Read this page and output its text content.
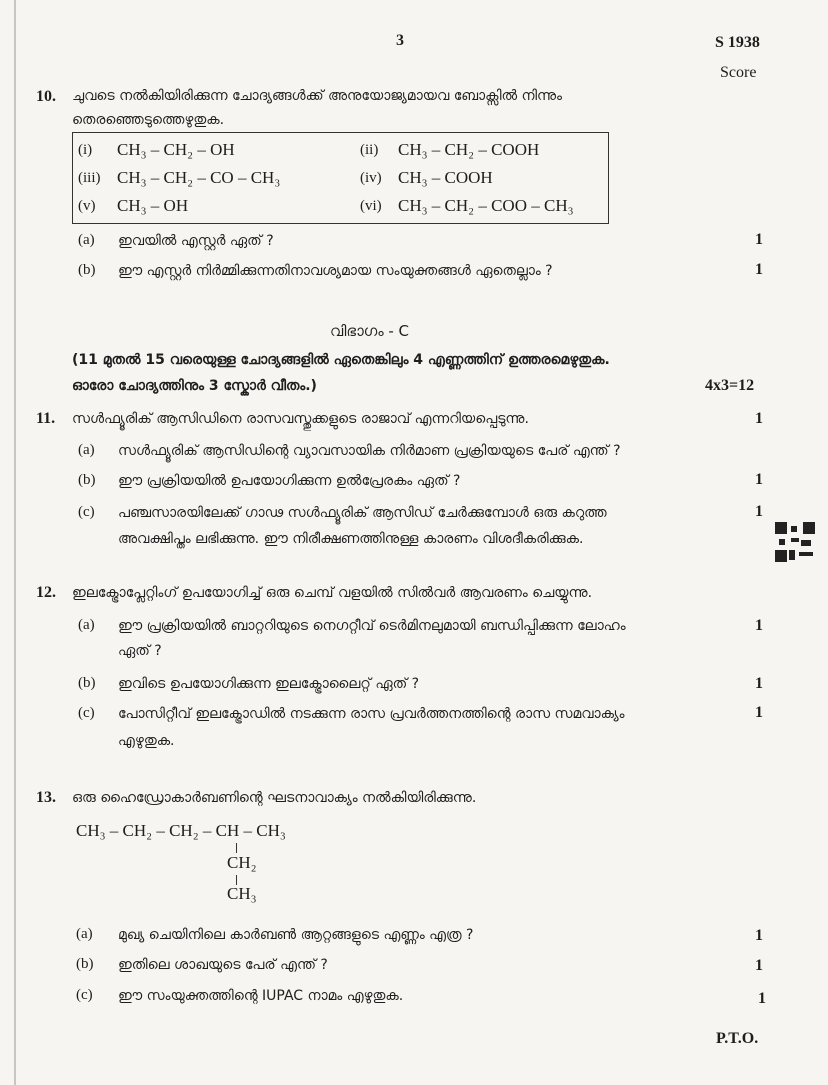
3	S 1938
Score
10. ചുവടെ നൽകിയിരിക്കുന്ന ചോദ്യങ്ങൾക്ക് അനുയോജ്യമായവ ബോക്സിൽ നിന്നും
തെരഞ്ഞെടുത്തെഴുതുക.
(i) CH₃ – CH₂ – OH	(ii) CH₃ – CH₂ – COOH
(iii) CH₃ – CH₂ – CO – CH₃	(iv) CH₃ – COOH
(v) CH₃ – OH	(vi) CH₃ – CH₂ – COO – CH₃
(a) ഇവയിൽ എസ്റ്റർ ഏത് ?	1
(b) ഈ എസ്റ്റർ നിർമ്മിക്കുന്നതിനാവശ്യമായ സംയുക്തങ്ങൾ ഏതെല്ലാം ?	1
വിഭാഗം - C
(11 മുതൽ 15 വരെയുള്ള ചോദ്യങ്ങളിൽ ഏതെങ്കിലും 4 എണ്ണത്തിന് ഉത്തരമെഴുതുക.
ഓരോ ചോദ്യത്തിനും 3 സ്കോർ വീതം.)	4x3=12
11. സൾഫ്യൂരിക് ആസിഡിനെ രാസവസ്തുക്കളുടെ രാജാവ് എന്നറിയപ്പെടുന്നു.	1
(a) സൾഫ്യൂരിക് ആസിഡിന്റെ വ്യാവസായിക നിർമാണ പ്രക്രിയയുടെ പേര് എന്ത് ?
(b) ഈ പ്രക്രിയയിൽ ഉപയോഗിക്കുന്ന ഉൽപ്രേരകം ഏത് ?	1
(c) പഞ്ചസാരയിലേക്ക് ഗാഢ സൾഫ്യൂരിക് ആസിഡ് ചേർക്കുമ്പോൾ ഒരു കറുത്ത
അവക്ഷിപ്തം ലഭിക്കുന്നു. ഈ നിരീക്ഷണത്തിനുള്ള കാരണം വിശദീകരിക്കുക.
1
12. ഇലക്ട്രോപ്ലേറ്റിംഗ് ഉപയോഗിച്ച് ഒരു ചെമ്പ് വളയിൽ സിൽവർ ആവരണം ചെയ്യുന്നു.
(a) ഈ പ്രക്രിയയിൽ ബാറ്ററിയുടെ നെഗറ്റീവ് ടെർമിനലുമായി ബന്ധിപ്പിക്കുന്ന ലോഹം
ഏത് ?
1
(b) ഇവിടെ ഉപയോഗിക്കുന്ന ഇലക്ട്രോലൈറ്റ് ഏത് ?	1
(c) പോസിറ്റീവ് ഇലക്ട്രോഡിൽ നടക്കുന്ന രാസ പ്രവർത്തനത്തിന്റെ രാസ സമവാക്യം
എഴുതുക.
1
13. ഒരു ഹൈഡ്രോകാർബണിന്റെ ഘടനാവാക്യം നൽകിയിരിക്കുന്നു.
CH₃ – CH₂ – CH₂ – CH – CH₃
CH₂
CH₃
(a) മുഖ്യ ചെയിനിലെ കാർബൺ ആറ്റങ്ങളുടെ എണ്ണം എത്ര ?	1
(b) ഇതിലെ ശാഖയുടെ പേര് എന്ത് ?	1
(c) ഈ സംയുക്തത്തിന്റെ IUPAC നാമം എഴുതുക.	1
P.T.O.
